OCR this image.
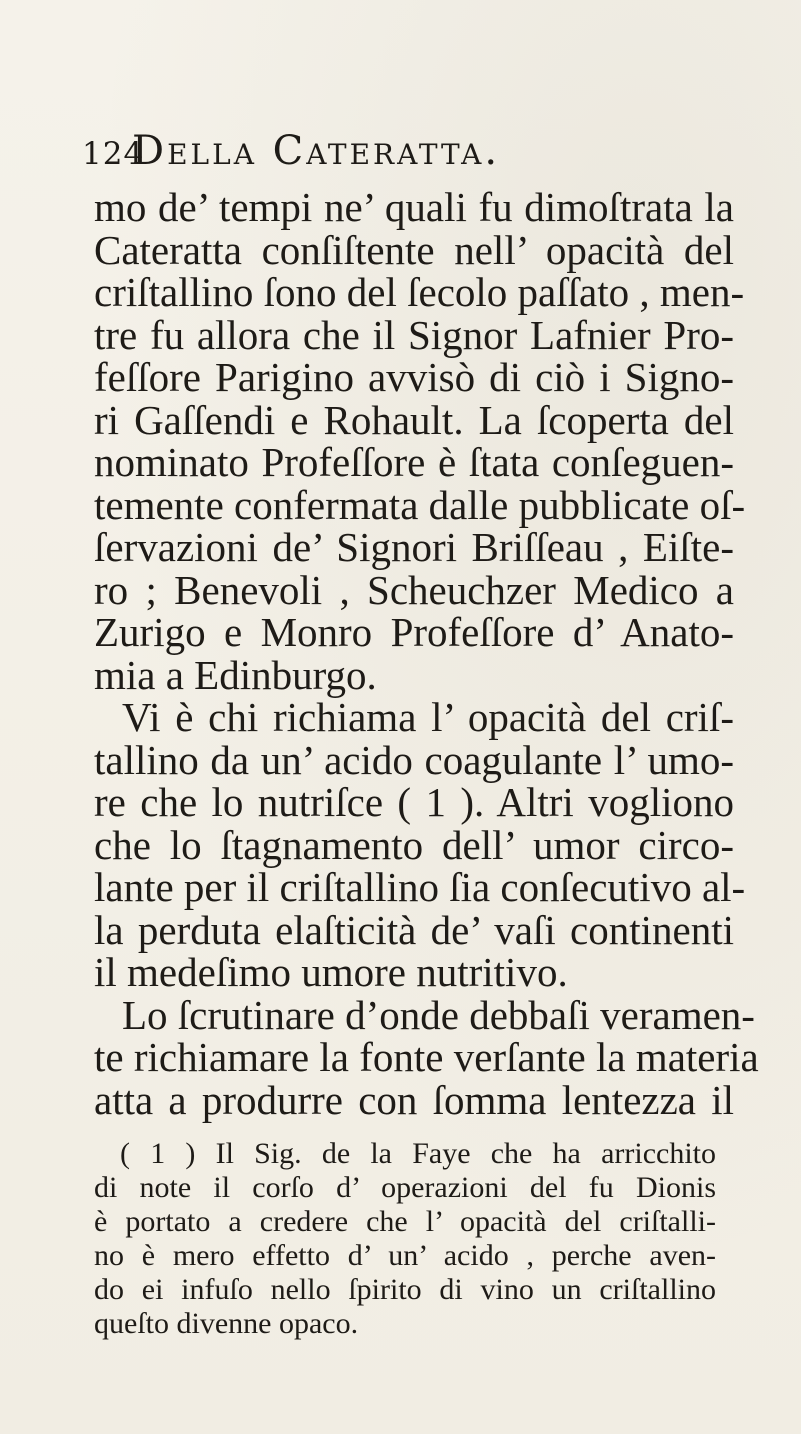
124
Della Cateratta.
mo de’ tempi ne’ quali fu dimoſtrata la
Cateratta conſiſtente nell’ opacità del
criſtallino ſono del ſecolo paſſato , men-
tre fu allora che il Signor Lafnier Pro-
feſſore Parigino avvisò di ciò i Signo-
ri Gaſſendi e Rohault. La ſcoperta del
nominato Profeſſore è ſtata conſeguen-
temente confermata dalle pubblicate oſ-
ſervazioni de’ Signori Briſſeau , Eiſte-
ro ; Benevoli , Scheuchzer Medico a
Zurigo e Monro Profeſſore d’ Anato-
mia a Edinburgo.
Vi è chi richiama l’ opacità del criſ-
tallino da un’ acido coagulante l’ umo-
re che lo nutriſce ( 1 ). Altri vogliono
che lo ſtagnamento dell’ umor circo-
lante per il criſtallino ſia conſecutivo al-
la perduta elaſticità de’ vaſi continenti
il medeſimo umore nutritivo.
Lo ſcrutinare d’onde debbaſi veramen-
te richiamare la fonte verſante la materia
atta a produrre con ſomma lentezza il
( 1 ) Il Sig. de la Faye che ha arricchito
di note il corſo d’ operazioni del fu Dionis
è portato a credere che l’ opacità del criſtalli-
no è mero effetto d’ un’ acido , perche aven-
do ei infuſo nello ſpirito di vino un criſtallino
queſto divenne opaco.
